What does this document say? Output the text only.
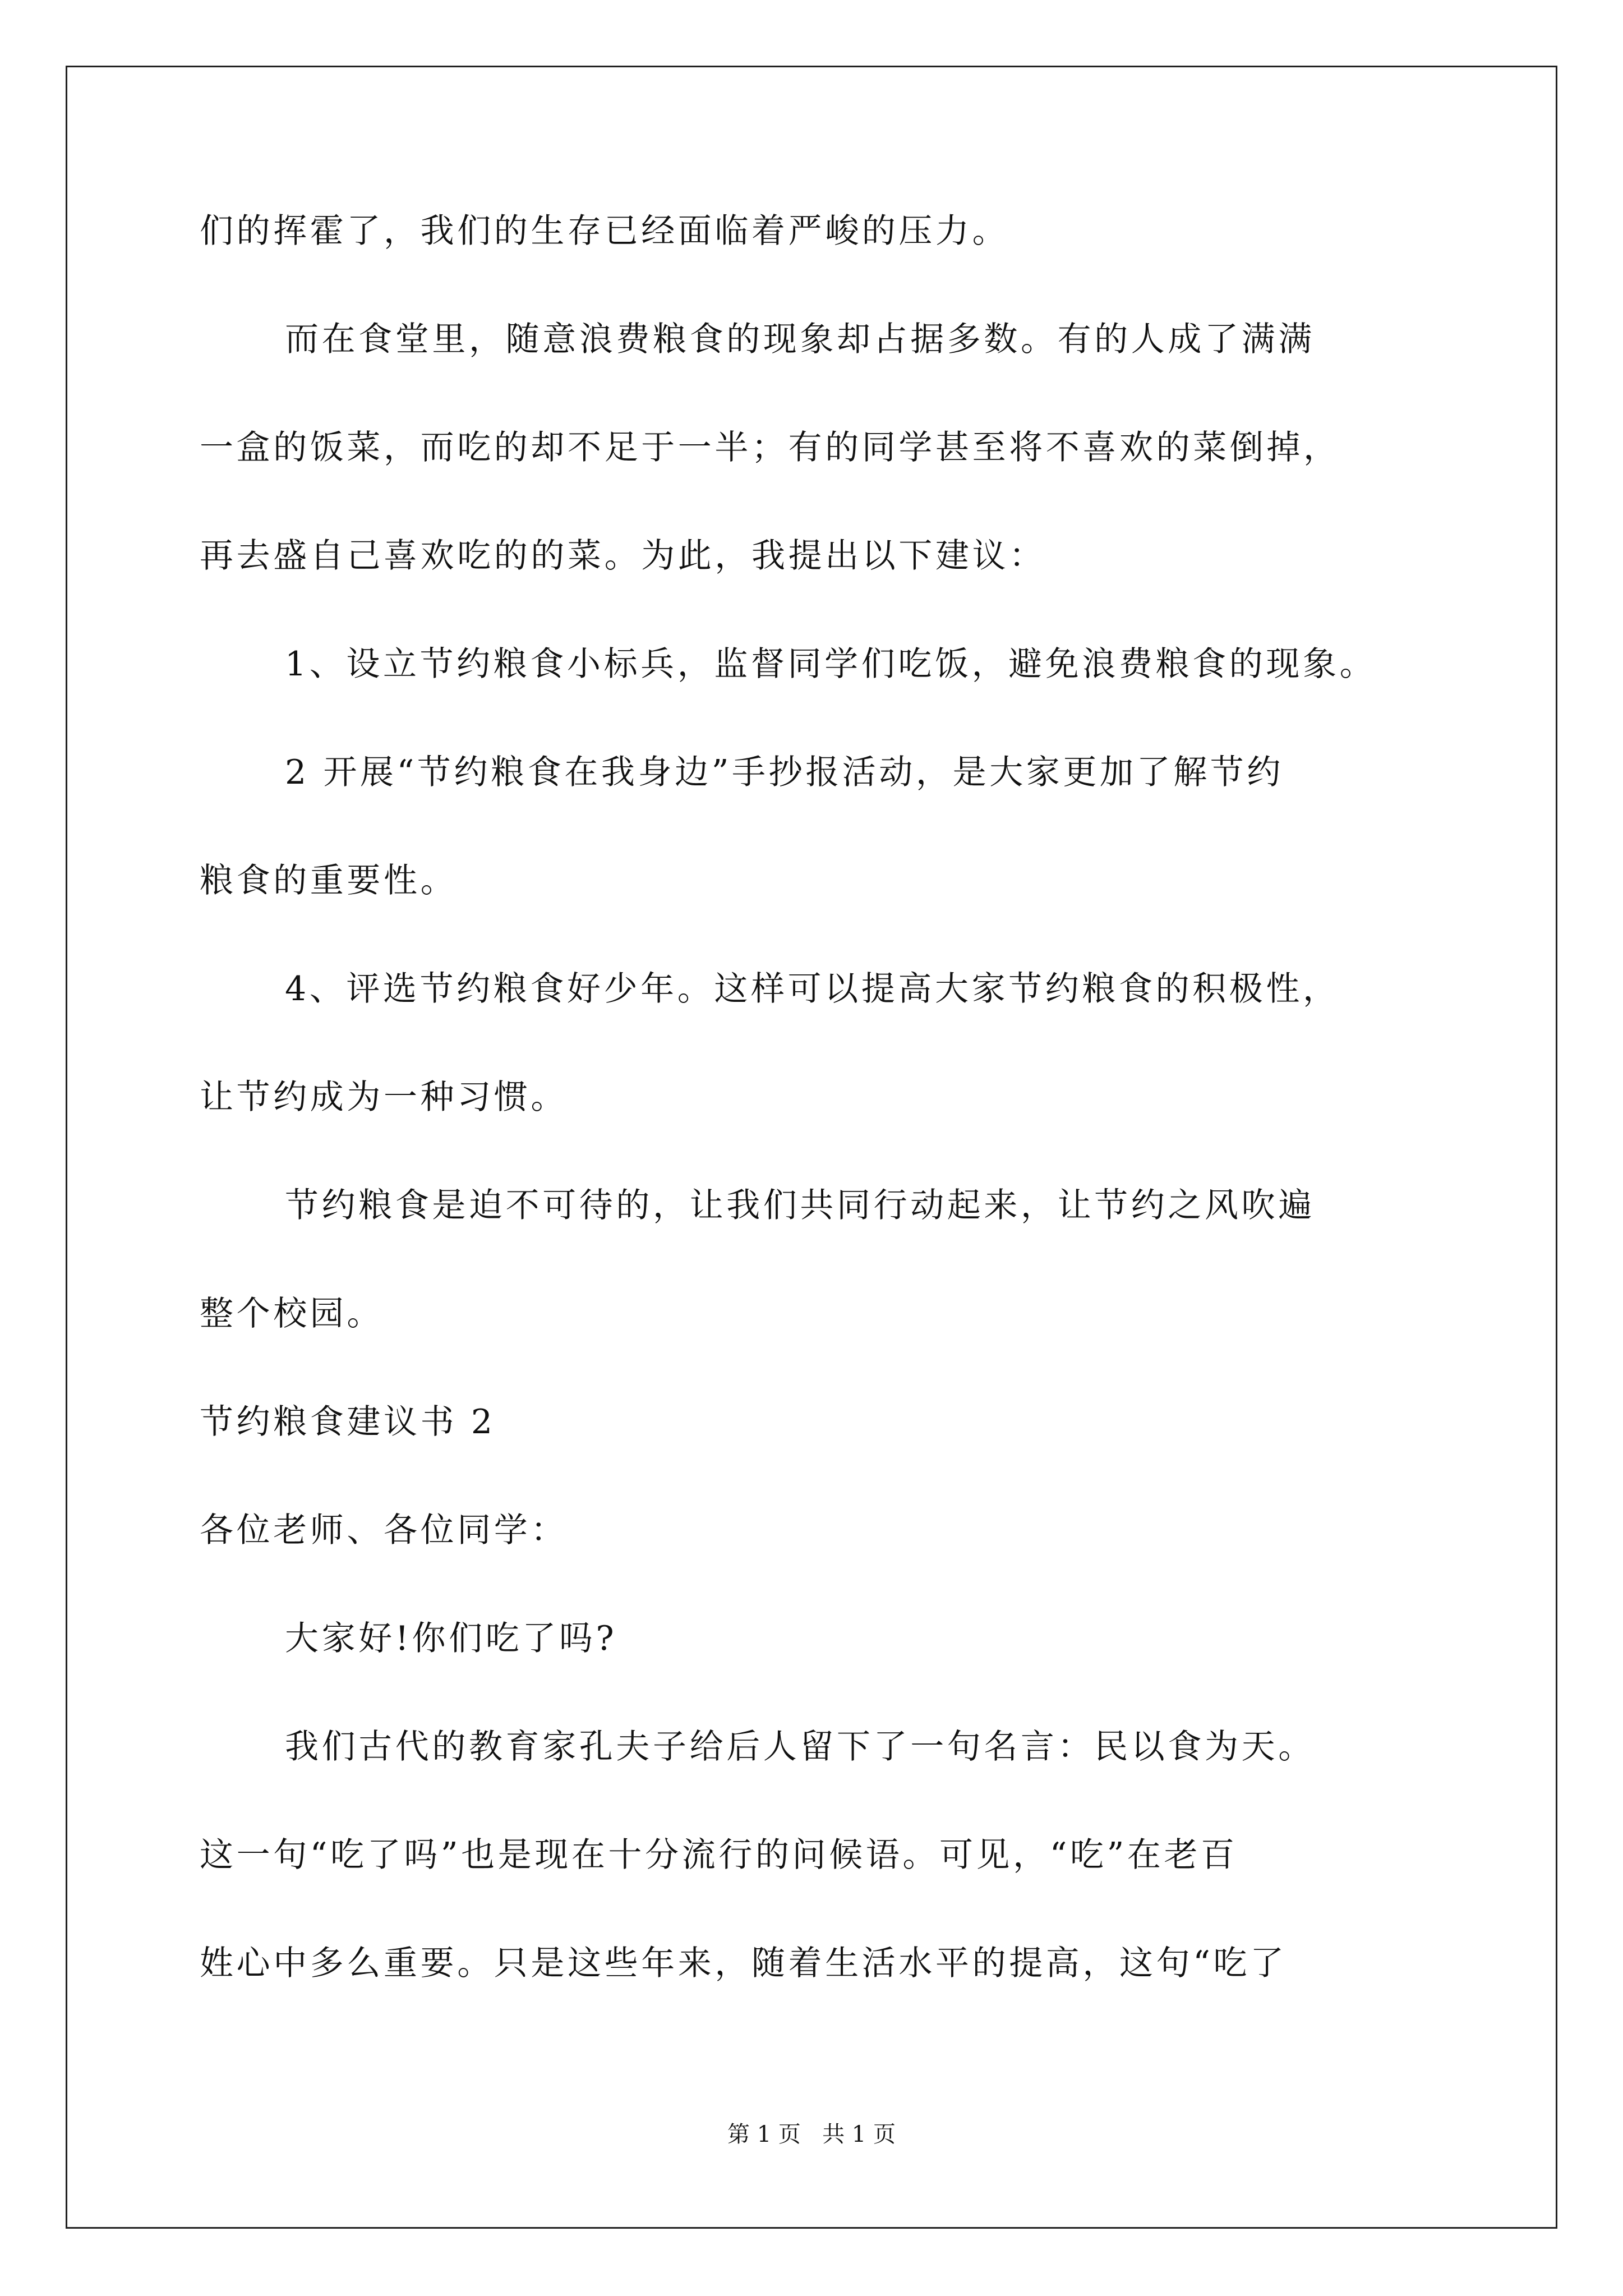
们的挥霍了，我们的生存已经面临着严峻的压力。
而在食堂里，随意浪费粮食的现象却占据多数。有的人成了满满
一盒的饭菜，而吃的却不足于一半；有的同学甚至将不喜欢的菜倒掉，
再去盛自己喜欢吃的的菜。为此，我提出以下建议：
1、设立节约粮食小标兵，监督同学们吃饭，避免浪费粮食的现象。
2 开展“节约粮食在我身边”手抄报活动，是大家更加了解节约
粮食的重要性。
4、评选节约粮食好少年。这样可以提高大家节约粮食的积极性，
让节约成为一种习惯。
节约粮食是迫不可待的，让我们共同行动起来，让节约之风吹遍
整个校园。
节约粮食建议书 2
各位老师、各位同学：
大家好!你们吃了吗?
我们古代的教育家孔夫子给后人留下了一句名言：民以食为天。
这一句“吃了吗”也是现在十分流行的问候语。可见，“吃”在老百
姓心中多么重要。只是这些年来，随着生活水平的提高，这句“吃了
第 1 页   共 1 页
